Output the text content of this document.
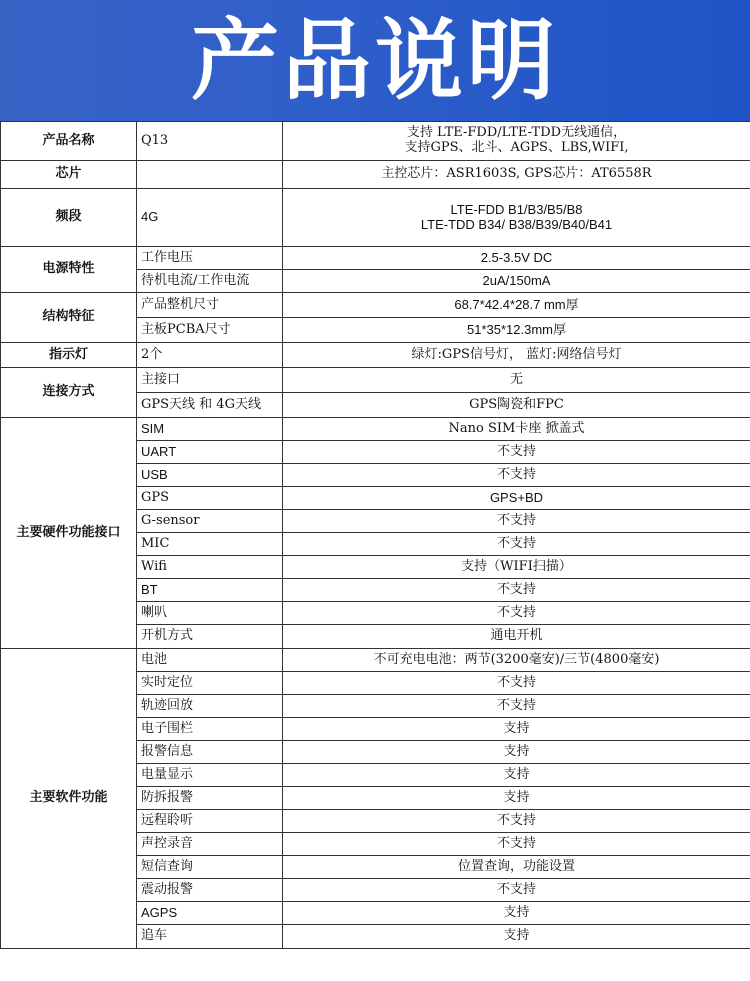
产品说明
产品名称	Q13	支持 LTE-FDD/LTE-TDD无线通信，
支持GPS、北斗、AGPS、LBS,WIFI,

芯片		主控芯片：ASR1603S, GPS芯片：AT6558R
频段	4G	LTE-FDD B1/B3/B5/B8
LTE-TDD B34/ B38/B39/B40/B41

电源特性	工作电压	2.5-3.5V DC
	待机电流/工作电流	2uA/150mA
结构特征	产品整机尺寸	68.7*42.4*28.7 mm厚
	主板PCBA尺寸	51*35*12.3mm厚
指示灯	2个	绿灯:GPS信号灯， 蓝灯:网络信号灯
连接方式	主接口	无
	GPS天线 和 4G天线	GPS陶瓷和FPC
主要硬件功能接口	SIM	Nano SIM卡座 掀盖式
	UART	不支持
	USB	不支持
	GPS	GPS+BD
	G-sensor	不支持
	MIC	不支持
	Wifi	支持（WIFI扫描）
	BT	不支持
	喇叭	不支持
	开机方式	通电开机
主要软件功能	电池	不可充电电池：两节(3200毫安)/三节(4800毫安)
	实时定位	不支持
	轨迹回放	不支持
	电子围栏	支持
	报警信息	支持
	电量显示	支持
	防拆报警	支持
	远程聆听	不支持
	声控录音	不支持
	短信查询	位置查询，功能设置
	震动报警	不支持
	AGPS	支持
	追车	支持
